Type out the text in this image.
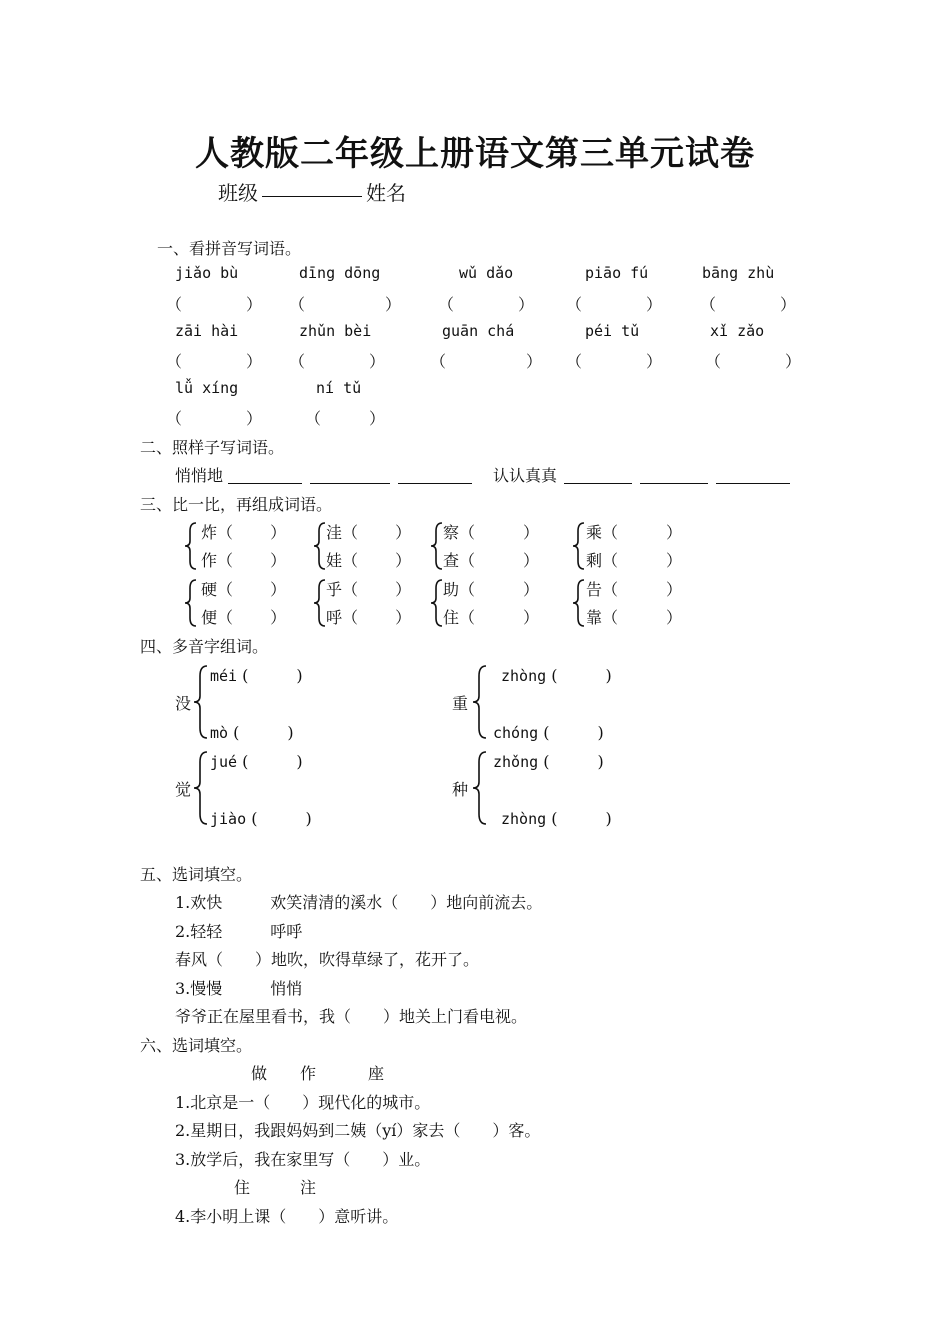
人教版二年级上册语文第三单元试卷
班级	姓名
一、看拼音写词语。
jiǎo bù	dīng dōng	wǔ dǎo	piāo fú	bāng zhù
（　　　　） （　　　　　） （　　　　） （　　　　） （　　　　）
zāi hài	zhǔn bèi	guān chá	péi tǔ	xǐ zǎo
（　　　　） （　　　　）	（　　　　　） （　　　　）	（　　　　）
lǚ xíng	ní tǔ
（　　　　）	（　　　）
二、照样子写词语。
悄悄地	认认真真
三、比一比，再组成词语。
炸（　　 ）
作（　　 ）
洼（　　 ）
娃（　　 ）
察（　　　）
查（　　　）
乘（　　　）
剩（　　　）
硬（　　 ）
便（　　 ）
乎（　　 ）
呼（　　 ）
助（　　　）
住（　　　）
告（　　　）
靠（　　　）
四、多音字组词。
没
méi (　　　)
mò (　　　)
重
zhòng (　　　)
chóng (　　　)
觉
jué (　　　)
jiào (　　　)
种
zhǒng (　　　)
zhòng (　　　)
五、选词填空。
1.欢快　　　欢笑清清的溪水（　　）地向前流去。
2.轻轻　　　呼呼
春风（　　）地吹，吹得草绿了，花开了。
3.慢慢　　　悄悄
爷爷正在屋里看书，我（　　）地关上门看电视。
六、选词填空。
做 作	座
1.北京是一（　　）现代化的城市。
2.星期日，我跟妈妈到二姨（yí）家去（　　）客。
3.放学后，我在家里写（　　）业。
住	注
4.李小明上课（　　）意听讲。
